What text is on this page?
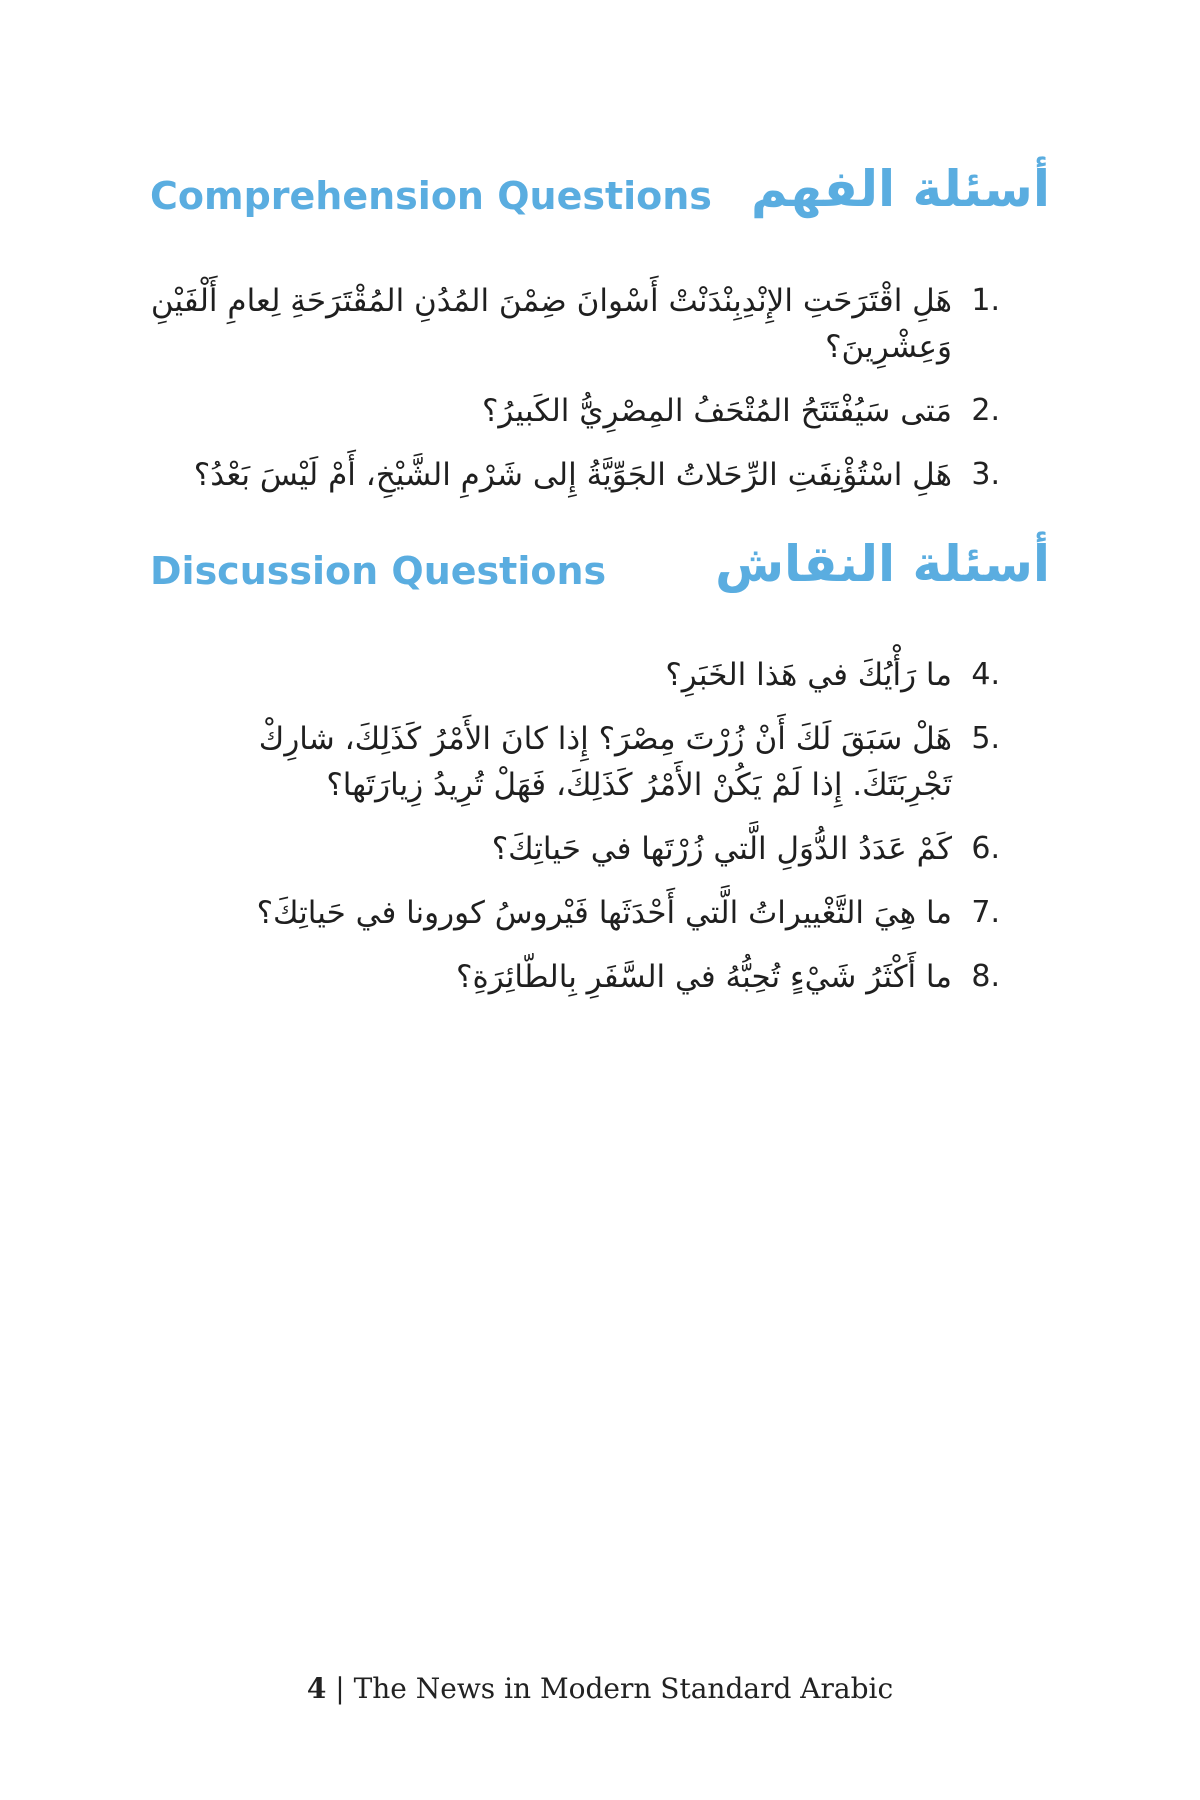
Comprehension Questions أسئلة الفهم
1.
هَلِ اقْتَرَحَتِ الإِنْدِبِنْدَنْتْ أَسْوانَ ضِمْنَ المُدُنِ المُقْتَرَحَةِ لِعامِ أَلْفَيْنِ وَعِشْرِينَ؟
2.
مَتى سَيُفْتَتَحُ المُتْحَفُ المِصْرِيُّ الكَبيرُ؟
3.
هَلِ اسْتُؤْنِفَتِ الرِّحَلاتُ الجَوِّيَّةُ إِلى شَرْمِ الشَّيْخِ، أَمْ لَيْسَ بَعْدُ؟
Discussion Questions أسئلة النقاش
4.
ما رَأْيُكَ في هَذا الخَبَرِ؟
5.
هَلْ سَبَقَ لَكَ أَنْ زُرْتَ مِصْرَ؟ إِذا كانَ الأَمْرُ كَذَلِكَ، شارِكْ تَجْرِبَتَكَ. إِذا لَمْ يَكُنْ الأَمْرُ كَذَلِكَ، فَهَلْ تُرِيدُ زِيارَتَها؟
6.
كَمْ عَدَدُ الدُّوَلِ الَّتي زُرْتَها في حَياتِكَ؟
7.
ما هِيَ التَّغْييراتُ الَّتي أَحْدَثَها فَيْروسُ كورونا في حَياتِكَ؟
8.
ما أَكْثَرُ شَيْءٍ تُحِبُّهُ في السَّفَرِ بِالطّائِرَةِ؟
4 | The News in Modern Standard Arabic
